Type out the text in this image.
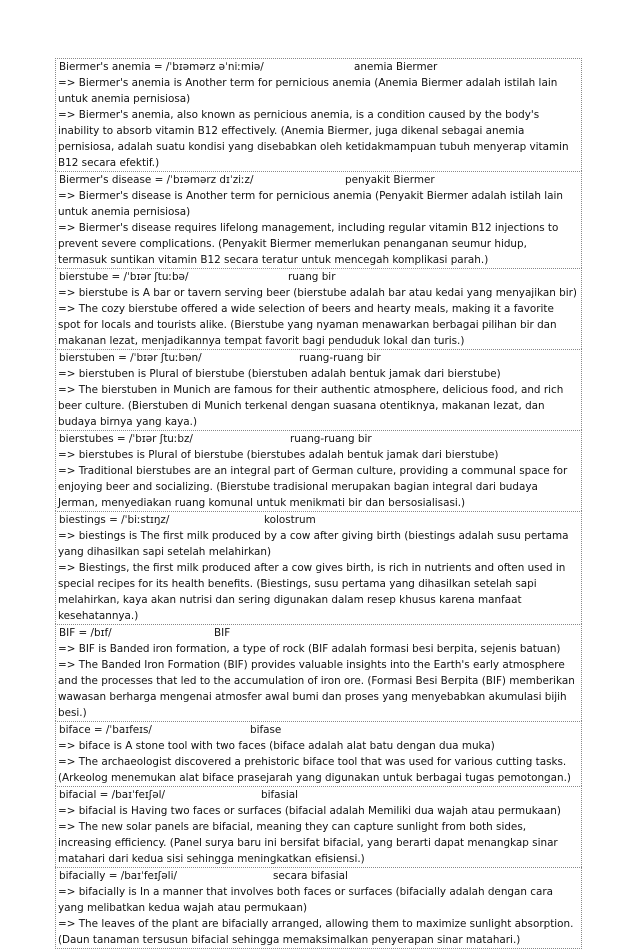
Biermer's anemia = /ˈbɪəmərz əˈniːmiə/	anemia Biermer
=> Biermer's anemia is Another term for pernicious anemia (Anemia Biermer adalah istilah lain untuk anemia pernisiosa)
=> Biermer's anemia, also known as pernicious anemia, is a condition caused by the body's inability to absorb vitamin B12 effectively. (Anemia Biermer, juga dikenal sebagai anemia pernisiosa, adalah suatu kondisi yang disebabkan oleh ketidakmampuan tubuh menyerap vitamin B12 secara efektif.)
Biermer's disease = /ˈbɪəmərz dɪˈziːz/	penyakit Biermer
=> Biermer's disease is Another term for pernicious anemia (Penyakit Biermer adalah istilah lain untuk anemia pernisiosa)
=> Biermer's disease requires lifelong management, including regular vitamin B12 injections to prevent severe complications. (Penyakit Biermer memerlukan penanganan seumur hidup, termasuk suntikan vitamin B12 secara teratur untuk mencegah komplikasi parah.)
bierstube = /ˈbɪər ʃtuːbə/	ruang bir
=> bierstube is A bar or tavern serving beer (bierstube adalah bar atau kedai yang menyajikan bir)
=> The cozy bierstube offered a wide selection of beers and hearty meals, making it a favorite spot for locals and tourists alike. (Bierstube yang nyaman menawarkan berbagai pilihan bir dan makanan lezat, menjadikannya tempat favorit bagi penduduk lokal dan turis.)
bierstuben = /ˈbɪər ʃtuːbən/	ruang-ruang bir
=> bierstuben is Plural of bierstube (bierstuben adalah bentuk jamak dari bierstube)
=> The bierstuben in Munich are famous for their authentic atmosphere, delicious food, and rich beer culture. (Bierstuben di Munich terkenal dengan suasana otentiknya, makanan lezat, dan budaya birnya yang kaya.)
bierstubes = /ˈbɪər ʃtuːbz/	ruang-ruang bir
=> bierstubes is Plural of bierstube (bierstubes adalah bentuk jamak dari bierstube)
=> Traditional bierstubes are an integral part of German culture, providing a communal space for enjoying beer and socializing. (Bierstube tradisional merupakan bagian integral dari budaya Jerman, menyediakan ruang komunal untuk menikmati bir dan bersosialisasi.)
biestings = /ˈbiːstɪŋz/	kolostrum
=> biestings is The first milk produced by a cow after giving birth (biestings adalah susu pertama yang dihasilkan sapi setelah melahirkan)
=> Biestings, the first milk produced after a cow gives birth, is rich in nutrients and often used in special recipes for its health benefits. (Biestings, susu pertama yang dihasilkan setelah sapi melahirkan, kaya akan nutrisi dan sering digunakan dalam resep khusus karena manfaat kesehatannya.)
BIF = /bɪf/	BIF
=> BIF is Banded iron formation, a type of rock (BIF adalah formasi besi berpita, sejenis batuan)
=> The Banded Iron Formation (BIF) provides valuable insights into the Earth's early atmosphere and the processes that led to the accumulation of iron ore. (Formasi Besi Berpita (BIF) memberikan wawasan berharga mengenai atmosfer awal bumi dan proses yang menyebabkan akumulasi bijih besi.)
biface = /ˈbaɪfeɪs/	bifase
=> biface is A stone tool with two faces (biface adalah alat batu dengan dua muka)
=> The archaeologist discovered a prehistoric biface tool that was used for various cutting tasks. (Arkeolog menemukan alat biface prasejarah yang digunakan untuk berbagai tugas pemotongan.)
bifacial = /baɪˈfeɪʃəl/	bifasial
=> bifacial is Having two faces or surfaces (bifacial adalah Memiliki dua wajah atau permukaan)
=> The new solar panels are bifacial, meaning they can capture sunlight from both sides, increasing efficiency. (Panel surya baru ini bersifat bifacial, yang berarti dapat menangkap sinar matahari dari kedua sisi sehingga meningkatkan efisiensi.)
bifacially = /baɪˈfeɪʃəli/	secara bifasial
=> bifacially is In a manner that involves both faces or surfaces (bifacially adalah dengan cara yang melibatkan kedua wajah atau permukaan)
=> The leaves of the plant are bifacially arranged, allowing them to maximize sunlight absorption. (Daun tanaman tersusun bifacial sehingga memaksimalkan penyerapan sinar matahari.)
